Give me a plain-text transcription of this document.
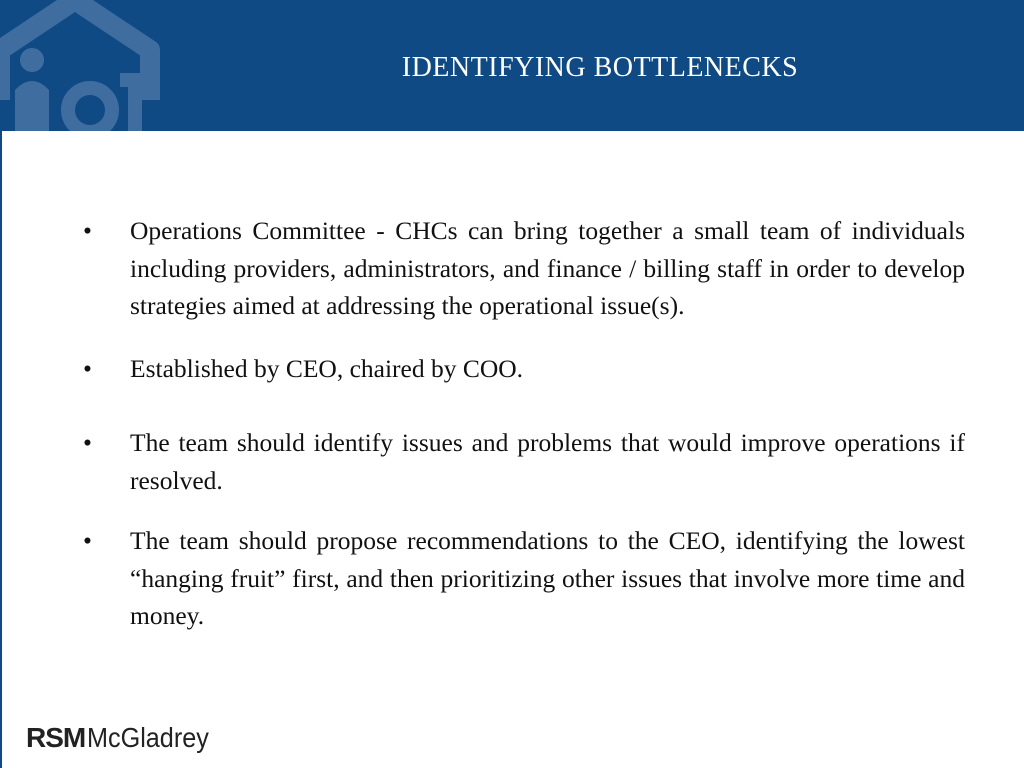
IDENTIFYING BOTTLENECKS
•	Operations Committee - CHCs can bring together a small team of individuals including providers, administrators, and finance / billing staff in order to develop strategies aimed at addressing the operational issue(s).
•	Established by CEO, chaired by COO.
•	The team should identify issues and problems that would improve operations if resolved.
•	The team should propose recommendations to the CEO, identifying the lowest “hanging fruit” first, and then prioritizing other issues that involve more time and money.
RSM McGladrey
